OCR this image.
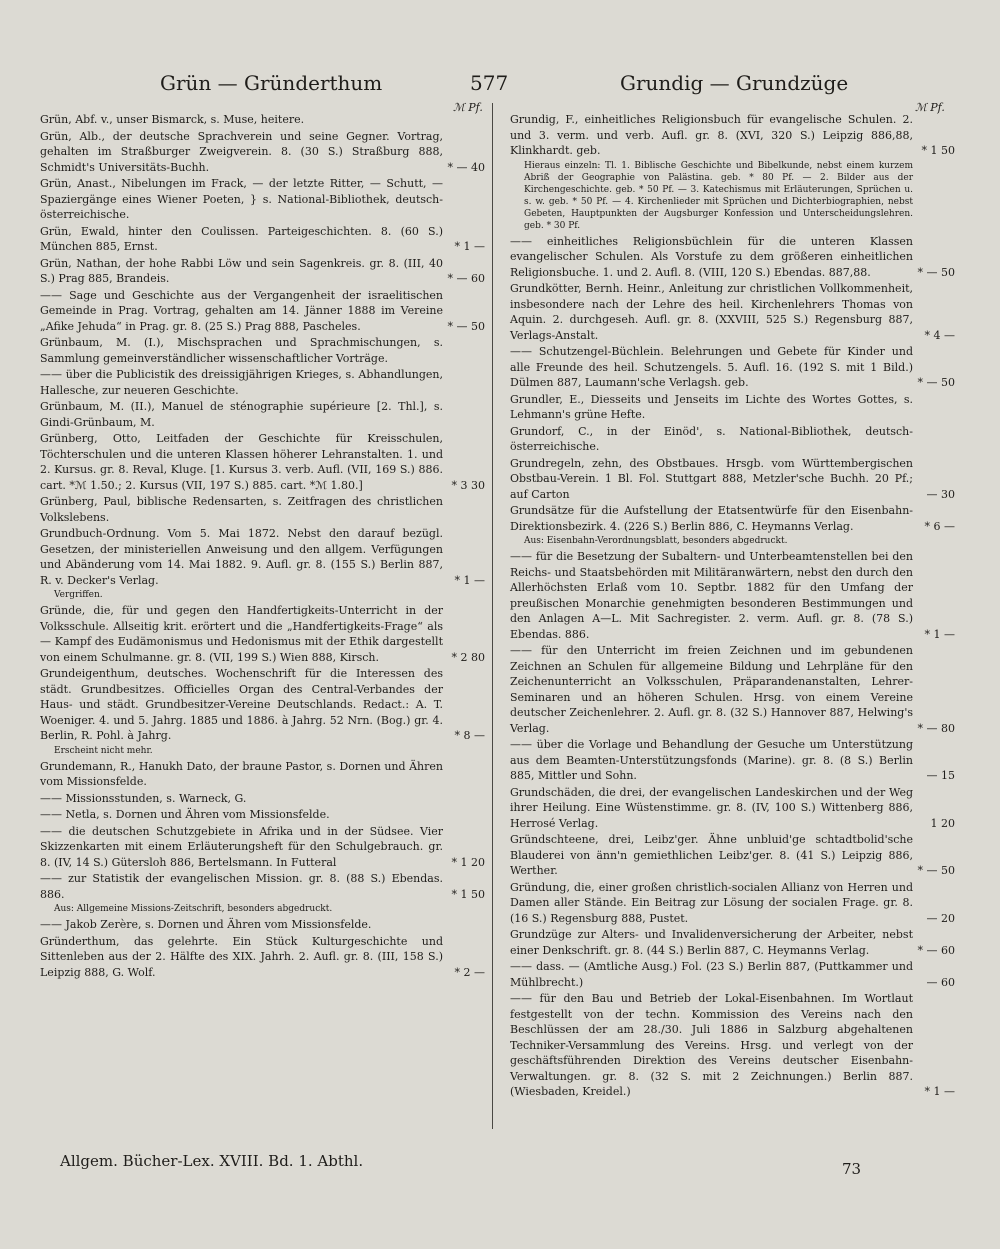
Grün — Gründerthum	577	Grundig — Grundzüge
ℳ Pf.	ℳ Pf.
Grün, Abf. v., unser Bismarck, s. Muse, heitere.
Grün, Alb., der deutsche Sprachverein und seine Gegner. Vortrag, gehalten im Straßburger Zweigverein. 8. (30 S.) Straßburg 888, Schmidt's Universitäts-Buchh.	* — 40
Grün, Anast., Nibelungen im Frack, — der letzte Ritter, — Schutt, — Spaziergänge eines Wiener Poeten, } s. National-Bibliothek, deutsch-österreichische.
Grün, Ewald, hinter den Coulissen. Parteigeschichten. 8. (60 S.) München 885, Ernst.	* 1 —
Grün, Nathan, der hohe Rabbi Löw und sein Sagenkreis. gr. 8. (III, 40 S.) Prag 885, Brandeis.	* — 60
—— Sage und Geschichte aus der Vergangenheit der israelitischen Gemeinde in Prag. Vortrag, gehalten am 14. Jänner 1888 im Vereine „Afike Jehuda“ in Prag. gr. 8. (25 S.) Prag 888, Pascheles.	* — 50
Grünbaum, M. (I.), Mischsprachen und Sprachmischungen, s. Sammlung gemeinverständlicher wissenschaftlicher Vorträge.
—— über die Publicistik des dreissigjährigen Krieges, s. Abhandlungen, Hallesche, zur neueren Geschichte.
Grünbaum, M. (II.), Manuel de sténographie supérieure [2. Thl.], s. Gindi-Grünbaum, M.
Grünberg, Otto, Leitfaden der Geschichte für Kreisschulen, Töchterschulen und die unteren Klassen höherer Lehranstalten. 1. und 2. Kursus. gr. 8. Reval, Kluge. [1. Kursus 3. verb. Aufl. (VII, 169 S.) 886. cart. *ℳ 1.50.; 2. Kursus (VII, 197 S.) 885. cart. *ℳ 1.80.]	* 3 30
Grünberg, Paul, biblische Redensarten, s. Zeitfragen des christlichen Volkslebens.
Grundbuch-Ordnung. Vom 5. Mai 1872. Nebst den darauf bezügl. Gesetzen, der ministeriellen Anweisung und den allgem. Verfügungen und Abänderung vom 14. Mai 1882. 9. Aufl. gr. 8. (155 S.) Berlin 887, R. v. Decker's Verlag.	* 1 —
Vergriffen.
Gründe, die, für und gegen den Handfertigkeits-Unterricht in der Volksschule. Allseitig krit. erörtert und die „Handfertigkeits-Frage“ als — Kampf des Eudämonismus und Hedonismus mit der Ethik dargestellt von einem Schulmanne. gr. 8. (VII, 199 S.) Wien 888, Kirsch.	* 2 80
Grundeigenthum, deutsches. Wochenschrift für die Interessen des städt. Grundbesitzes. Officielles Organ des Central-Verbandes der Haus- und städt. Grundbesitzer-Vereine Deutschlands. Redact.: A. T. Woeniger. 4. und 5. Jahrg. 1885 und 1886. à Jahrg. 52 Nrn. (Bog.) gr. 4. Berlin, R. Pohl. à Jahrg.	* 8 —
Erscheint nicht mehr.
Grundemann, R., Hanukh Dato, der braune Pastor, s. Dornen und Ähren vom Missionsfelde.
—— Missionsstunden, s. Warneck, G.
—— Netla, s. Dornen und Ähren vom Missionsfelde.
—— die deutschen Schutzgebiete in Afrika und in der Südsee. Vier Skizzenkarten mit einem Erläuterungsheft für den Schulgebrauch. gr. 8. (IV, 14 S.) Gütersloh 886, Bertelsmann. In Futteral	* 1 20
—— zur Statistik der evangelischen Mission. gr. 8. (88 S.) Ebendas. 886.	* 1 50
Aus: Allgemeine Missions-Zeitschrift, besonders abgedruckt.
—— Jakob Zerère, s. Dornen und Ähren vom Missionsfelde.
Gründerthum, das gelehrte. Ein Stück Kulturgeschichte und Sittenleben aus der 2. Hälfte des XIX. Jahrh. 2. Aufl. gr. 8. (III, 158 S.) Leipzig 888, G. Wolf.	* 2 —
Grundig, F., einheitliches Religionsbuch für evangelische Schulen. 2. und 3. verm. und verb. Aufl. gr. 8. (XVI, 320 S.) Leipzig 886,88, Klinkhardt. geb.	* 1 50
Hieraus einzeln: Tl. 1. Biblische Geschichte und Bibelkunde, nebst einem kurzem Abriß der Geographie von Palästina. geb. * 80 Pf. — 2. Bilder aus der Kirchengeschichte. geb. * 50 Pf. — 3. Katechismus mit Erläuterungen, Sprüchen u. s. w. geb. * 50 Pf. — 4. Kirchenlieder mit Sprüchen und Dichterbiographien, nebst Gebeten, Hauptpunkten der Augsburger Konfession und Unterscheidungslehren. geb. * 30 Pf.
—— einheitliches Religionsbüchlein für die unteren Klassen evangelischer Schulen. Als Vorstufe zu dem größeren einheitlichen Religionsbuche. 1. und 2. Aufl. 8. (VIII, 120 S.) Ebendas. 887,88.	* — 50
Grundkötter, Bernh. Heinr., Anleitung zur christlichen Vollkommenheit, insbesondere nach der Lehre des heil. Kirchenlehrers Thomas von Aquin. 2. durchgeseh. Aufl. gr. 8. (XXVIII, 525 S.) Regensburg 887, Verlags-Anstalt.	* 4 —
—— Schutzengel-Büchlein. Belehrungen und Gebete für Kinder und alle Freunde des heil. Schutzengels. 5. Aufl. 16. (192 S. mit 1 Bild.) Dülmen 887, Laumann'sche Verlagsh. geb.	* — 50
Grundler, E., Diesseits und Jenseits im Lichte des Wortes Gottes, s. Lehmann's grüne Hefte.
Grundorf, C., in der Einöd', s. National-Bibliothek, deutsch-österreichische.
Grundregeln, zehn, des Obstbaues. Hrsgb. vom Württembergischen Obstbau-Verein. 1 Bl. Fol. Stuttgart 888, Metzler'sche Buchh. 20 Pf.; auf Carton	— 30
Grundsätze für die Aufstellung der Etatsentwürfe für den Eisenbahn-Direktionsbezirk. 4. (226 S.) Berlin 886, C. Heymanns Verlag.	* 6 —
Aus: Eisenbahn-Verordnungsblatt, besonders abgedruckt.
—— für die Besetzung der Subaltern- und Unterbeamtenstellen bei den Reichs- und Staatsbehörden mit Militäranwärtern, nebst den durch den Allerhöchsten Erlaß vom 10. Septbr. 1882 für den Umfang der preußischen Monarchie genehmigten besonderen Bestimmungen und den Anlagen A—L. Mit Sachregister. 2. verm. Aufl. gr. 8. (78 S.) Ebendas. 886.	* 1 —
—— für den Unterricht im freien Zeichnen und im gebundenen Zeichnen an Schulen für allgemeine Bildung und Lehrpläne für den Zeichenunterricht an Volksschulen, Präparandenanstalten, Lehrer-Seminaren und an höheren Schulen. Hrsg. von einem Vereine deutscher Zeichenlehrer. 2. Aufl. gr. 8. (32 S.) Hannover 887, Helwing's Verlag.	* — 80
—— über die Vorlage und Behandlung der Gesuche um Unterstützung aus dem Beamten-Unterstützungsfonds (Marine). gr. 8. (8 S.) Berlin 885, Mittler und Sohn.	— 15
Grundschäden, die drei, der evangelischen Landeskirchen und der Weg ihrer Heilung. Eine Wüstenstimme. gr. 8. (IV, 100 S.) Wittenberg 886, Herrosé Verlag.	1 20
Gründschteene, drei, Leibz'ger. Ähne unbluid'ge schtadtbolid'sche Blauderei von änn'n gemiethlichen Leibz'ger. 8. (41 S.) Leipzig 886, Werther.	* — 50
Gründung, die, einer großen christlich-socialen Allianz von Herren und Damen aller Stände. Ein Beitrag zur Lösung der socialen Frage. gr. 8. (16 S.) Regensburg 888, Pustet.	— 20
Grundzüge zur Alters- und Invalidenversicherung der Arbeiter, nebst einer Denkschrift. gr. 8. (44 S.) Berlin 887, C. Heymanns Verlag.	* — 60
—— dass. — (Amtliche Ausg.) Fol. (23 S.) Berlin 887, (Puttkammer und Mühlbrecht.)	— 60
—— für den Bau und Betrieb der Lokal-Eisenbahnen. Im Wortlaut festgestellt von der techn. Kommission des Vereins nach den Beschlüssen der am 28./30. Juli 1886 in Salzburg abgehaltenen Techniker-Versammlung des Vereins. Hrsg. und verlegt von der geschäftsführenden Direktion des Vereins deutscher Eisenbahn-Verwaltungen. gr. 8. (32 S. mit 2 Zeichnungen.) Berlin 887. (Wiesbaden, Kreidel.)	* 1 —
Allgem. Bücher-Lex. XVIII. Bd. 1. Abthl.	73
